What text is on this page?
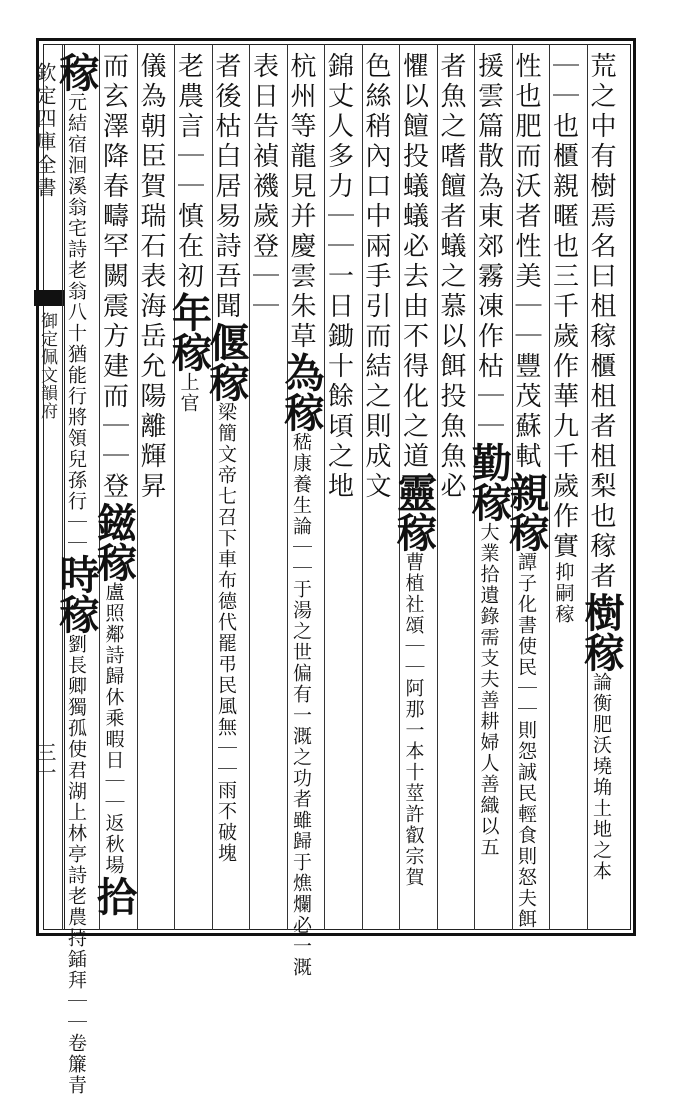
欽定四庫全書
御定佩文韻府
三一
荒之中有樹焉名曰柤稼櫃柤者柤梨也稼者樹稼論衡肥沃墝埆土地之本
｜｜也櫃親暱也三千歲作華九千歲作實抑嗣稼
性也肥而沃者性美｜｜豐茂蘇軾親稼譚子化書使民｜｜則怨誠民輕食則怒夫餌
援雲篇散為東郊霧凍作枯｜｜勤稼大業拾遺錄需支夫善耕婦人善織以五
者魚之嗜饘者蟻之慕以餌投魚魚必
懼以饘投蟻蟻必去由不得化之道靈稼曹植社頌｜｜阿那一本十莖許叡宗賀
色絲稍內口中兩手引而結之則成文
錦丈人多力｜｜一日鋤十餘頃之地
杭州等龍見并慶雲朱草為稼嵇康養生論｜｜于湯之世偏有一溉之功者雖歸于燋爛必一溉
表日告禎禨歲登｜｜
者後枯白居易詩吾聞偃稼梁簡文帝七召下車布德代罷弔民風無｜｜雨不破塊
老農言｜｜慎在初年稼上官
儀為朝臣賀瑞石表海岳允陽離輝昇
而玄澤降春疇罕闕震方建而｜｜登鎡稼盧照鄰詩歸休乘暇日｜｜返秋場拾
稼元結宿洄溪翁宅詩老翁八十猶能行將領兒孫行｜｜時稼劉長卿獨孤使君湖上林亭詩老農持鍤拜｜｜卷簾青
